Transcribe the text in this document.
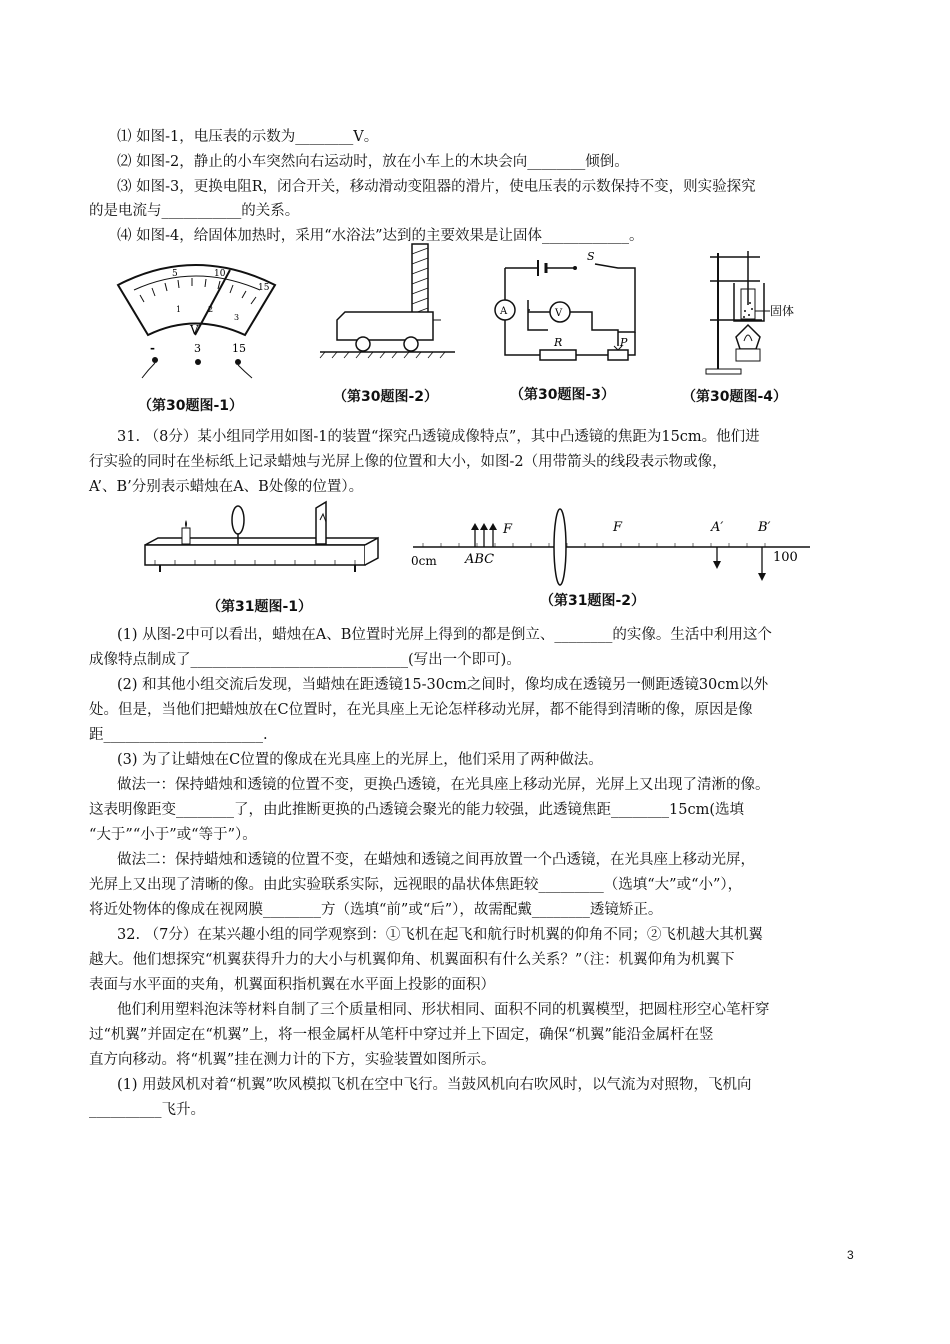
⑴ 如图-1，电压表的示数为________V。
⑵ 如图-2，静止的小车突然向右运动时，放在小车上的木块会向________倾倒。
⑶ 如图-3，更换电阻R，闭合开关，移动滑动变阻器的滑片，使电压表的示数保持不变，则实验探究
的是电流与___________的关系。
⑷ 如图-4，给固体加热时，采用“水浴法”达到的主要效果是让固体____________。
5	10
15
1	2
3
V
-	3	15
（第30题图-1）
（第30题图-2）
S
A	V
R	P
（第30题图-3）
固体
（第30题图-4）
31. （8分）某小组同学用如图-1的装置“探究凸透镜成像特点”，其中凸透镜的焦距为15cm。他们进
行实验的同时在坐标纸上记录蜡烛与光屏上像的位置和大小，如图-2（用带箭头的线段表示物或像，
A’、B’分别表示蜡烛在A、B处像的位置）。
（第31题图-1）
0cm	100
ABC
F	F	A′	B′
（第31题图-2）
(1) 从图-2中可以看出，蜡烛在A、B位置时光屏上得到的都是倒立、________的实像。生活中利用这个
成像特点制成了______________________________(写出一个即可)。
(2) 和其他小组交流后发现，当蜡烛在距透镜15-30cm之间时，像均成在透镜另一侧距透镜30cm以外
处。但是，当他们把蜡烛放在C位置时，在光具座上无论怎样移动光屏，都不能得到清晰的像，原因是像
距______________________.
(3) 为了让蜡烛在C位置的像成在光具座上的光屏上，他们采用了两种做法。
做法一：保持蜡烛和透镜的位置不变，更换凸透镜，在光具座上移动光屏，光屏上又出现了清淅的像。
这表明像距变________了，由此推断更换的凸透镜会聚光的能力较强，此透镜焦距________15cm(选填
“大于”“小于”或“等于”）。
做法二：保持蜡烛和透镜的位置不变，在蜡烛和透镜之间再放置一个凸透镜，在光具座上移动光屏，
光屏上又出现了清晰的像。由此实验联系实际，远视眼的晶状体焦距较_________（选填“大”或“小”），
将近处物体的像成在视网膜________方（选填“前”或“后”），故需配戴________透镜矫正。
32. （7分）在某兴趣小组的同学观察到：①飞机在起飞和航行时机翼的仰角不同；②飞机越大其机翼
越大。他们想探究“机翼获得升力的大小与机翼仰角、机翼面积有什么关系？”（注：机翼仰角为机翼下
表面与水平面的夹角，机翼面积指机翼在水平面上投影的面积）
他们利用塑料泡沫等材料自制了三个质量相同、形状相同、面积不同的机翼模型，把圆柱形空心笔杆穿
过“机翼”并固定在“机翼”上，将一根金属杆从笔杆中穿过并上下固定，确保“机翼”能沿金属杆在竖
直方向移动。将“机翼”挂在测力计的下方，实验装置如图所示。
(1) 用鼓风机对着“机翼”吹风模拟飞机在空中飞行。当鼓风机向右吹风时，以气流为对照物，飞机向
__________飞升。
3
